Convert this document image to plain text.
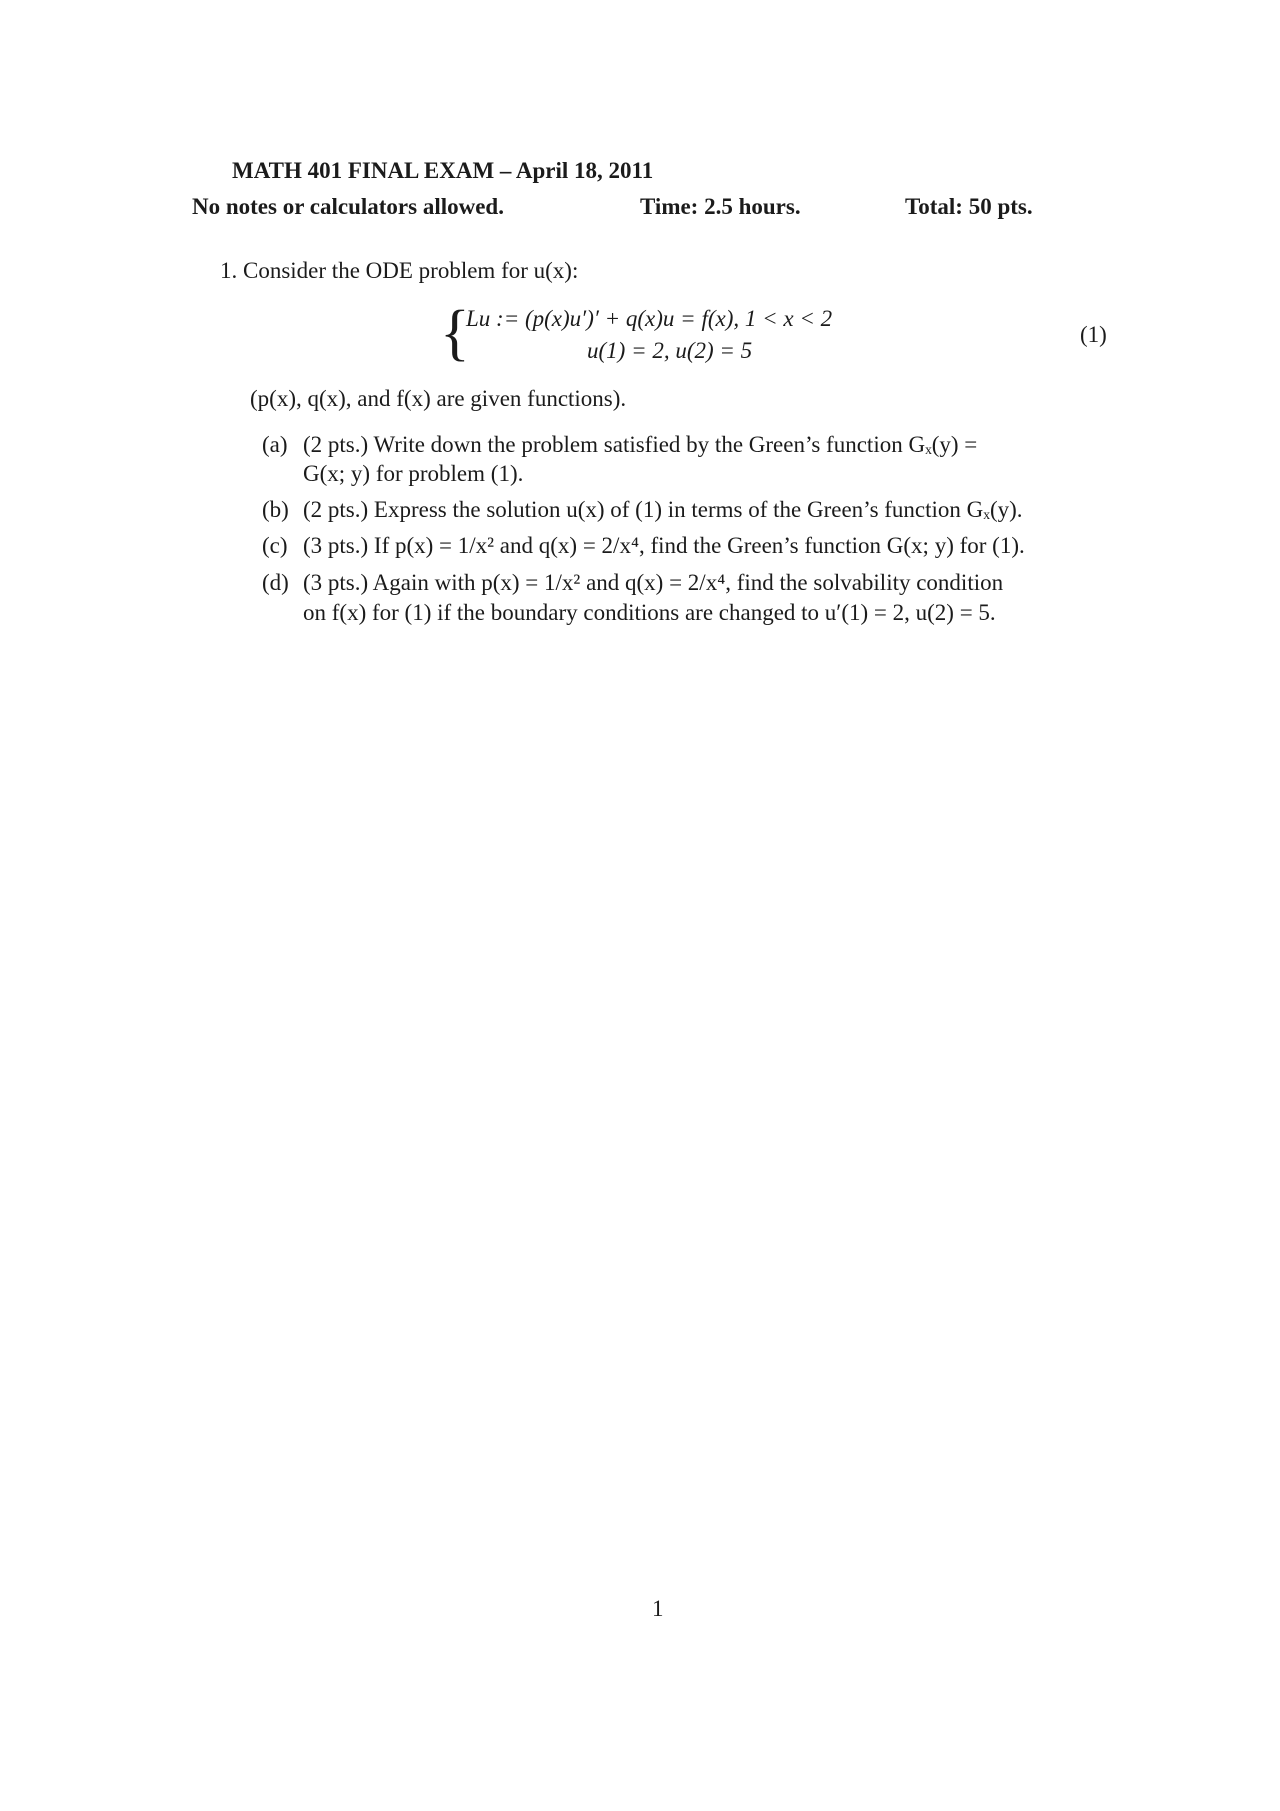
MATH 401 FINAL EXAM – April 18, 2011
No notes or calculators allowed.	Time: 2.5 hours.	Total: 50 pts.
1. Consider the ODE problem for u(x):
{
Lu := (p(x)u′)′ + q(x)u = f(x), 1 < x < 2
u(1) = 2, u(2) = 5
(1)
(p(x), q(x), and f(x) are given functions).
(a) (2 pts.) Write down the problem satisfied by the Green’s function Gₓ(y) =
G(x; y) for problem (1).
(b) (2 pts.) Express the solution u(x) of (1) in terms of the Green’s function Gₓ(y).
(c) (3 pts.) If p(x) = 1/x² and q(x) = 2/x⁴, find the Green’s function G(x; y) for (1).
(d) (3 pts.) Again with p(x) = 1/x² and q(x) = 2/x⁴, find the solvability condition
on f(x) for (1) if the boundary conditions are changed to u′(1) = 2, u(2) = 5.
1
